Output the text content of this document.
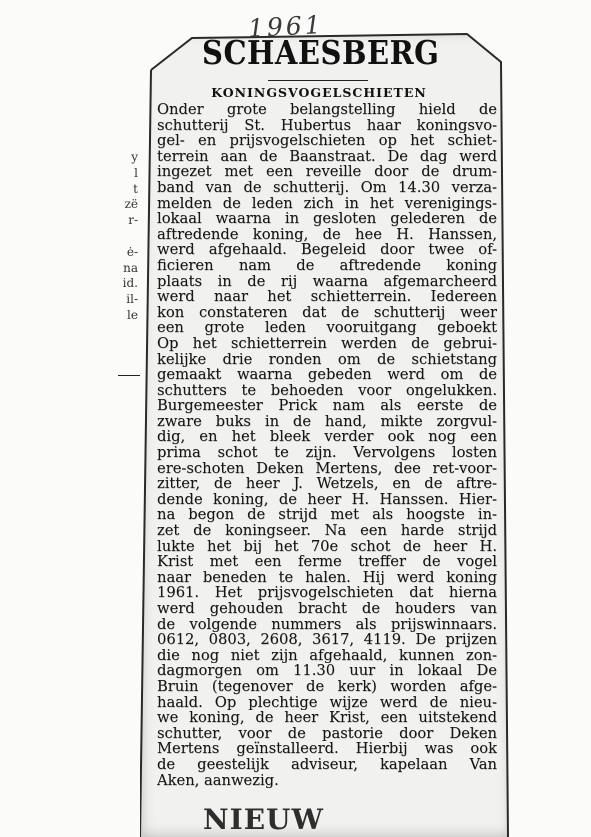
1961
SCHAESBERG
KONINGSVOGELSCHIETEN
Onder grote belangstelling hield de
schutterij St. Hubertus haar koningsvo-
gel- en prijsvogelschieten op het schiet-
terrein aan de Baanstraat. De dag werd
ingezet met een reveille door de drum-
band van de schutterij. Om 14.30 verza-
melden de leden zich in het verenigings-
lokaal waarna in gesloten gelederen de
aftredende koning, de hee H. Hanssen,
werd afgehaald. Begeleid door twee of-
ficieren nam de aftredende koning
plaats in de rij waarna afgemarcheerd
werd naar het schietterrein. Iedereen
kon constateren dat de schutterij weer
een grote leden vooruitgang geboekt
Op het schietterrein werden de gebrui-
kelijke drie ronden om de schietstang
gemaakt waarna gebeden werd om de
schutters te behoeden voor ongelukken.
Burgemeester Prick nam als eerste de
zware buks in de hand, mikte zorgvul-
dig, en het bleek verder ook nog een
prima schot te zijn. Vervolgens losten
ere-schoten Deken Mertens, dee ret-voor-
zitter, de heer J. Wetzels, en de aftre-
dende koning, de heer H. Hanssen. Hier-
na begon de strijd met als hoogste in-
zet de koningseer. Na een harde strijd
lukte het bij het 70e schot de heer H.
Krist met een ferme treffer de vogel
naar beneden te halen. Hij werd koning
1961. Het prijsvogelschieten dat hierna
werd gehouden bracht de houders van
de volgende nummers als prijswinnaars.
0612, 0803, 2608, 3617, 4119. De prijzen
die nog niet zijn afgehaald, kunnen zon-
dagmorgen om 11.30 uur in lokaal De
Bruin (tegenover de kerk) worden afge-
haald. Op plechtige wijze werd de nieu-
we koning, de heer Krist, een uitstekend
schutter, voor de pastorie door Deken
Mertens geïnstalleerd. Hierbij was ook
de geestelijk adviseur, kapelaan Van
Aken, aanwezig.
y
l
t
zë
r-

ė-
na
id.
il-
le
NIEUW
